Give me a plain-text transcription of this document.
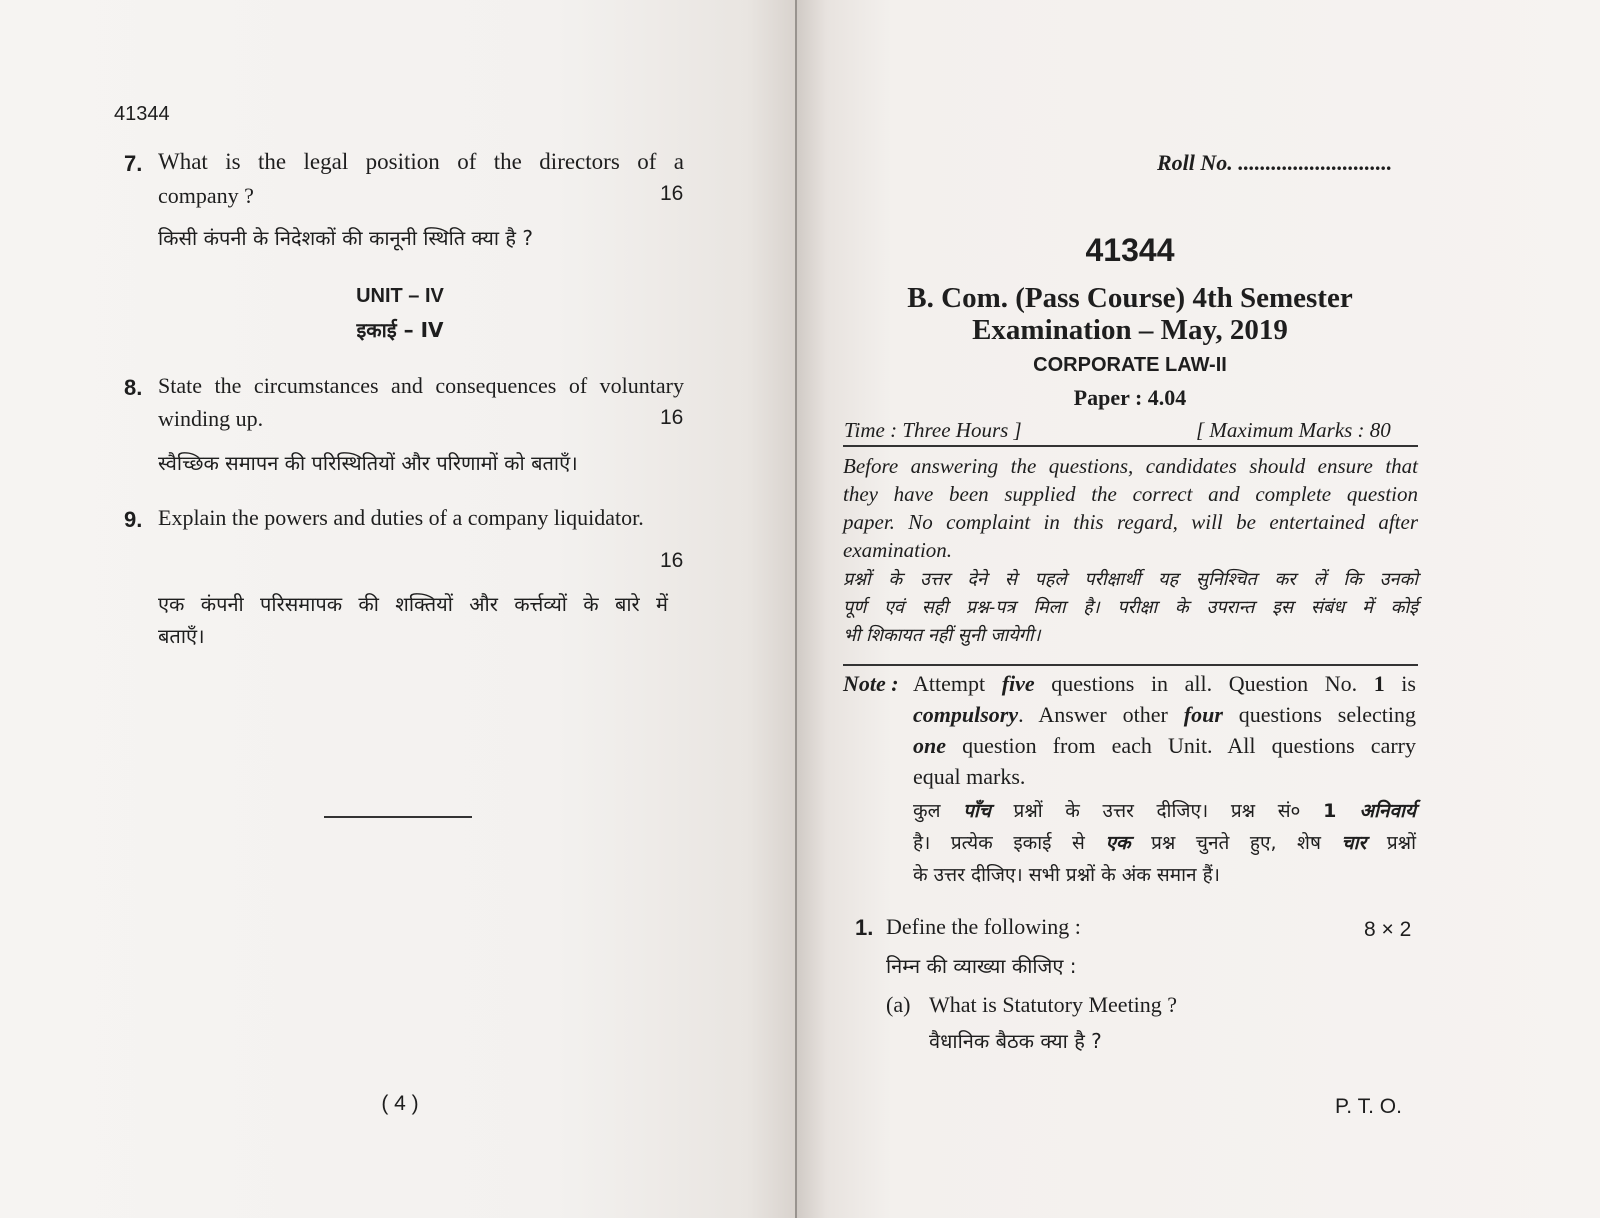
41344
7. What is the legal position of the directors of a
company ?	16
किसी कंपनी के निदेशकों की कानूनी स्थिति क्या है ?
UNIT – IV
इकाई – IV
8. State the circumstances and consequences of voluntary
winding up.	16
स्वैच्छिक समापन की परिस्थितियों और परिणामों को बताएँ।
9. Explain the powers and duties of a company liquidator.
16
एक कंपनी परिसमापक की शक्तियों और कर्त्तव्यों के बारे में
बताएँ।
( 4 )
Roll No. ............................
41344
B. Com. (Pass Course) 4th Semester
Examination – May, 2019
CORPORATE LAW-II
Paper : 4.04
Time : Three Hours ]	[ Maximum Marks : 80
Before answering the questions, candidates should ensure that
they have been supplied the correct and complete question
paper. No complaint in this regard, will be entertained after
examination.
प्रश्नों के उत्तर देने से पहले परीक्षार्थी यह सुनिश्चित कर लें कि उनको
पूर्ण एवं सही प्रश्न-पत्र मिला है। परीक्षा के उपरान्त इस संबंध में कोई
भी शिकायत नहीं सुनी जायेगी।
Note : Attempt five questions in all. Question No. 1 is
compulsory. Answer other four questions selecting
one question from each Unit. All questions carry
equal marks.
कुल पाँच प्रश्नों के उत्तर दीजिए। प्रश्न सं० 1 अनिवार्य
है। प्रत्येक इकाई से एक प्रश्न चुनते हुए, शेष चार प्रश्नों
के उत्तर दीजिए। सभी प्रश्नों के अंक समान हैं।
1. Define the following :	8 × 2
निम्न की व्याख्या कीजिए :
(a) What is Statutory Meeting ?
वैधानिक बैठक क्या है ?
P. T. O.
